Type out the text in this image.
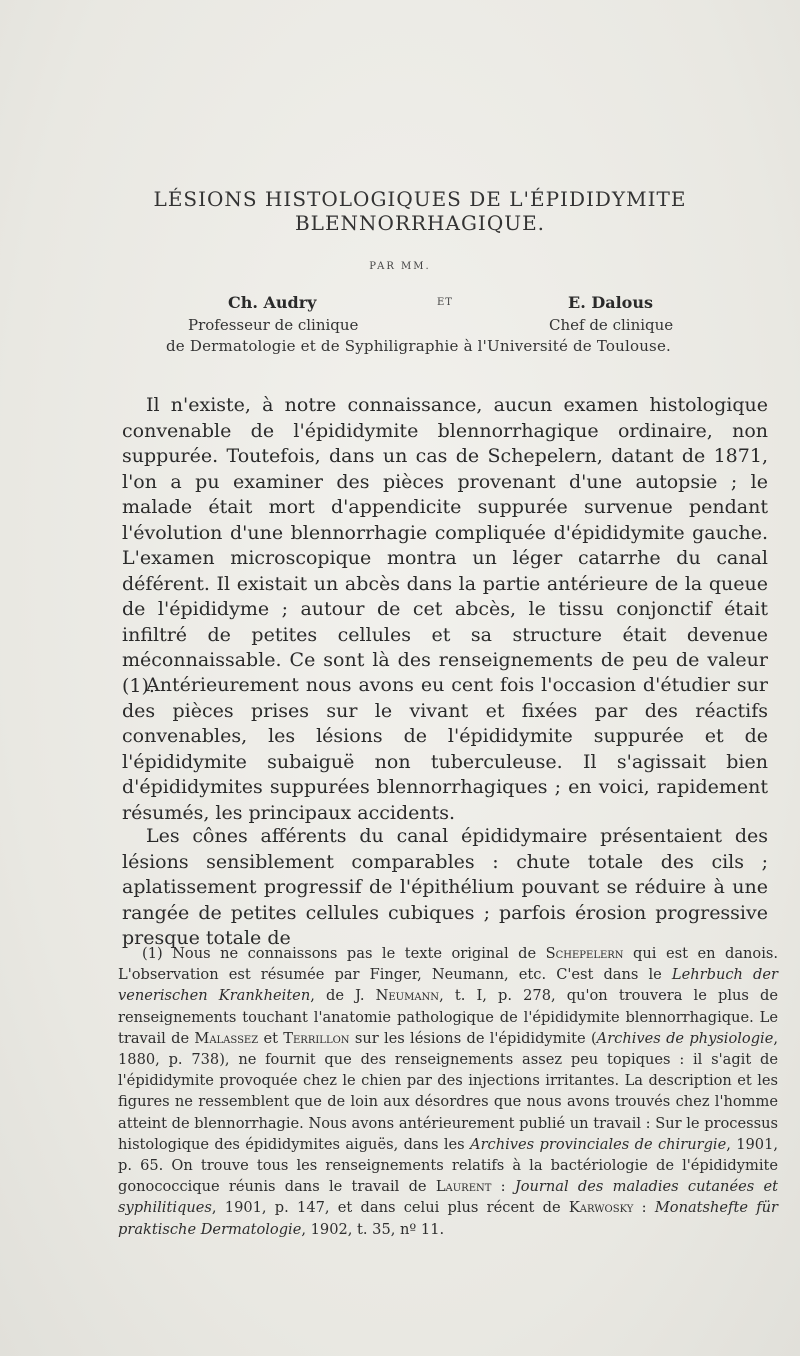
LÉSIONS HISTOLOGIQUES DE L'ÉPIDIDYMITE
BLENNORRHAGIQUE.
PAR MM.
Ch. Audry	ET	E. Dalous
Professeur de clinique	Chef de clinique
de Dermatologie et de Syphiligraphie à l'Université de Toulouse.

Il n'existe, à notre connaissance, aucun examen histologique convenable de l'épididymite blennorrhagique ordinaire, non suppurée. Toutefois, dans un cas de Schepelern, datant de 1871, l'on a pu examiner des pièces provenant d'une autopsie ; le malade était mort d'appendicite suppurée survenue pendant l'évolution d'une blennorrhagie compliquée d'épididymite gauche. L'examen microscopique montra un léger catarrhe du canal déférent. Il existait un abcès dans la partie antérieure de la queue de l'épididyme ; autour de cet abcès, le tissu conjonctif était infiltré de petites cellules et sa structure était devenue méconnaissable. Ce sont là des renseignements de peu de valeur (1).

Antérieurement nous avons eu cent fois l'occasion d'étudier sur des pièces prises sur le vivant et fixées par des réactifs convenables, les lésions de l'épididymite suppurée et de l'épididymite subaiguë non tuberculeuse. Il s'agissait bien d'épididymites suppurées blennorrhagiques ; en voici, rapidement résumés, les principaux accidents.

Les cônes afférents du canal épididymaire présentaient des lésions sensiblement comparables : chute totale des cils ; aplatissement progressif de l'épithélium pouvant se réduire à une rangée de petites cellules cubiques ; parfois érosion progressive presque totale de

(1) Nous ne connaissons pas le texte original de Schepelern qui est en danois. L'observation est résumée par Finger, Neumann, etc. C'est dans le Lehrbuch der venerischen Krankheiten, de J. Neumann, t. I, p. 278, qu'on trouvera le plus de renseignements touchant l'anatomie pathologique de l'épididymite blennorrhagique. Le travail de Malassez et Terrillon sur les lésions de l'épididymite (Archives de physiologie, 1880, p. 738), ne fournit que des renseignements assez peu topiques : il s'agit de l'épididymite provoquée chez le chien par des injections irritantes. La description et les figures ne ressemblent que de loin aux désordres que nous avons trouvés chez l'homme atteint de blennorrhagie. Nous avons antérieurement publié un travail : Sur le processus histologique des épididymites aiguës, dans les Archives provinciales de chirurgie, 1901, p. 65. On trouve tous les renseignements relatifs à la bactériologie de l'épididymite gonococcique réunis dans le travail de Laurent : Journal des maladies cutanées et syphilitiques, 1901, p. 147, et dans celui plus récent de Karwosky : Monatshefte für praktische Dermatologie, 1902, t. 35, nº 11.
